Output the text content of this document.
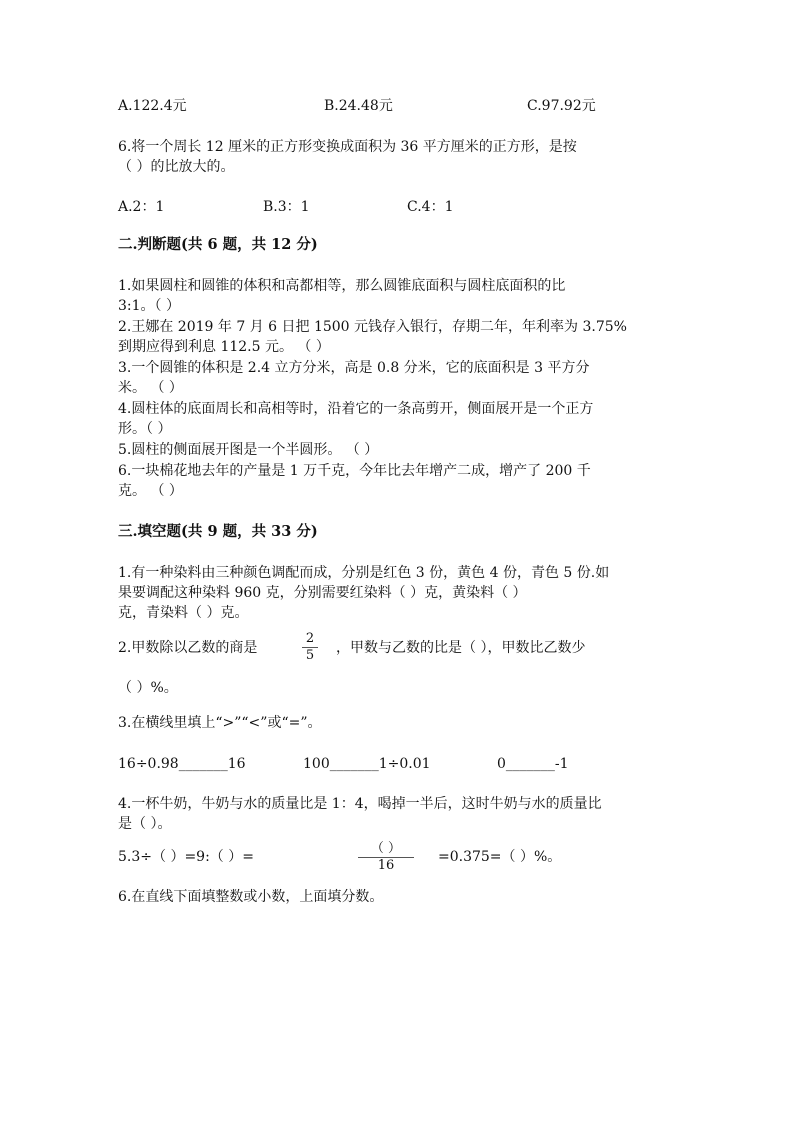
A.122.4元	B.24.48元	C.97.92元
6.将一个周长 12 厘米的正方形变换成面积为 36 平方厘米的正方形，是按
（ ）的比放大的。
A.2：1	B.3：1	C.4：1
二.判断题(共 6 题，共 12 分)
1.如果圆柱和圆锥的体积和高都相等，那么圆锥底面积与圆柱底面积的比
3:1。（ ）
2.王娜在 2019 年 7 月 6 日把 1500 元钱存入银行，存期二年，年利率为 3.75%
到期应得到利息 112.5 元。 （ ）
3.一个圆锥的体积是 2.4 立方分米，高是 0.8 分米，它的底面积是 3 平方分
米。 （ ）
4.圆柱体的底面周长和高相等时，沿着它的一条高剪开，侧面展开是一个正方
形。（ ）
5.圆柱的侧面展开图是一个半圆形。 （ ）
6.一块棉花地去年的产量是 1 万千克，今年比去年增产二成，增产了 200 千
克。 （ ）
三.填空题(共 9 题，共 33 分)
1.有一种染料由三种颜色调配而成，分别是红色 3 份，黄色 4 份，青色 5 份.如
果要调配这种染料 960 克，分别需要红染料（ ）克，黄染料（ ）
克，青染料（ ）克。
2.甲数除以乙数的商是
2
5 ，甲数与乙数的比是（ ），甲数比乙数少
（ ）%。
3.在横线里填上“>”“<”或“=”。
16÷0.98_______16	100_______1÷0.01	0_______-1
4.一杯牛奶，牛奶与水的质量比是 1：4，喝掉一半后，这时牛奶与水的质量比
是（ ）。
5.3÷（ ）=9:（ ）=
（ ）
16
=0.375=（ ）%。
6.在直线下面填整数或小数，上面填分数。
